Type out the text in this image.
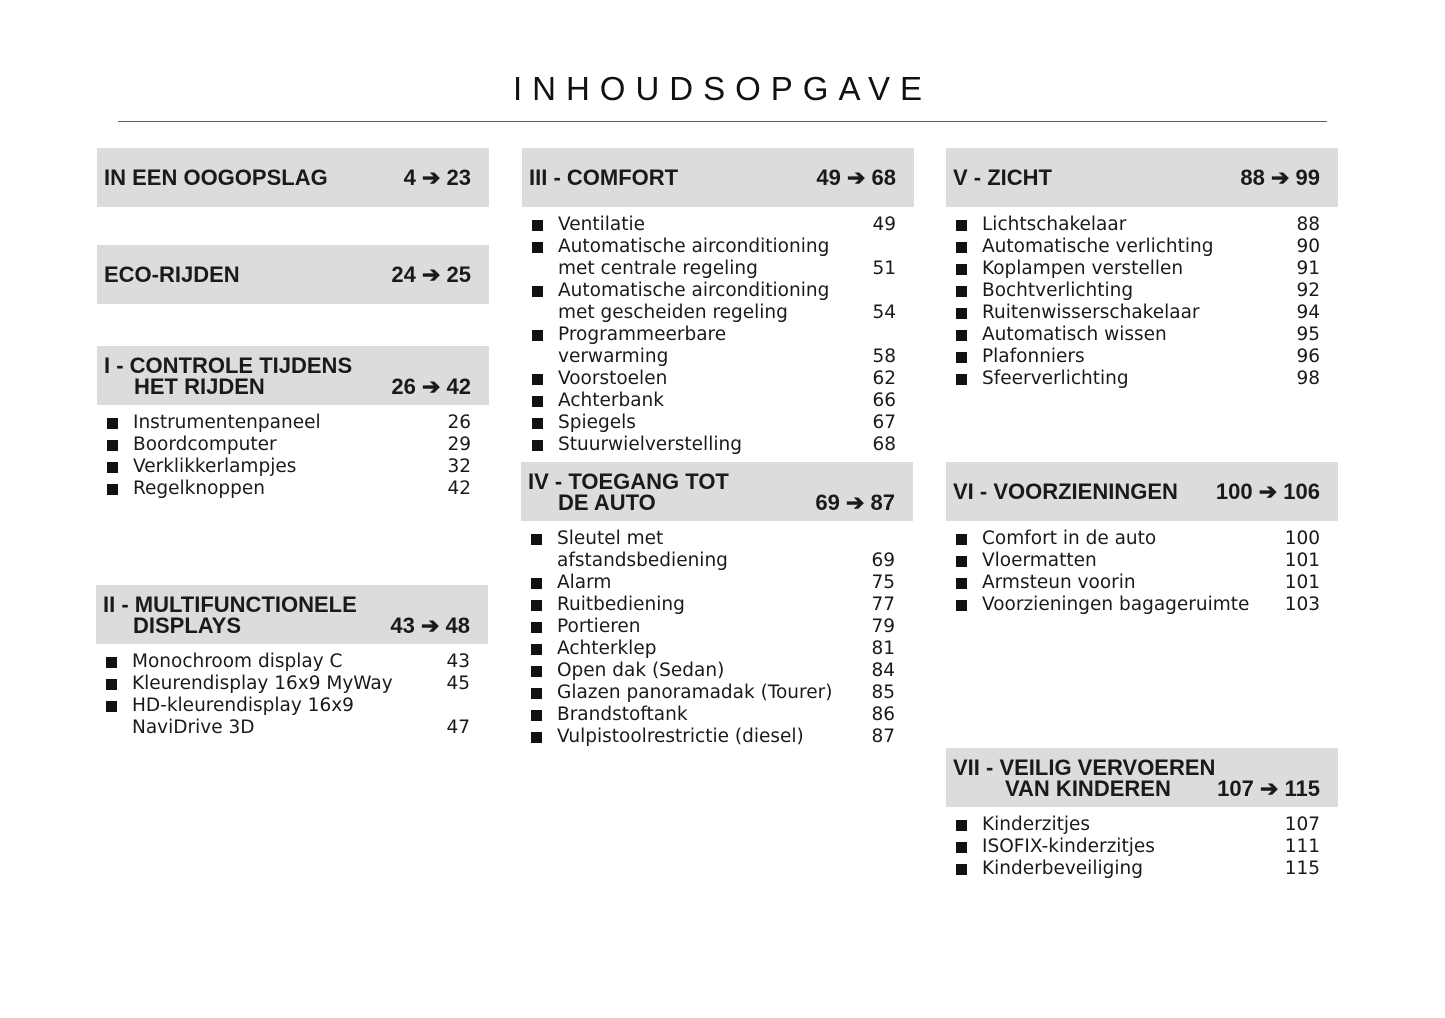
INHOUDSOPGAVE
IN EEN OOGOPSLAG	4 ➔ 23
ECO-RIJDEN	24 ➔ 25
I - CONTROLE TIJDENS
HET RIJDEN	26 ➔ 42
Instrumentenpaneel	26
Boordcomputer	29
Verklikkerlampjes	32
Regelknoppen	42
II - MULTIFUNCTIONELE
DISPLAYS	43 ➔ 48
Monochroom display C	43
Kleurendisplay 16x9 MyWay	45
HD-kleurendisplay 16x9
NaviDrive 3D	47
III - COMFORT	49 ➔ 68
Ventilatie	49
Automatische airconditioning
met centrale regeling	51
Automatische airconditioning
met gescheiden regeling	54
Programmeerbare
verwarming	58
Voorstoelen	62
Achterbank	66
Spiegels	67
Stuurwielverstelling	68
IV - TOEGANG TOT
DE AUTO	69 ➔ 87
Sleutel met
afstandsbediening	69
Alarm	75
Ruitbediening	77
Portieren	79
Achterklep	81
Open dak (Sedan)	84
Glazen panoramadak (Tourer)	85
Brandstoftank	86
Vulpistoolrestrictie (diesel)	87
V - ZICHT	88 ➔ 99
Lichtschakelaar	88
Automatische verlichting	90
Koplampen verstellen	91
Bochtverlichting	92
Ruitenwisserschakelaar	94
Automatisch wissen	95
Plafonniers	96
Sfeerverlichting	98
VI - VOORZIENINGEN 100 ➔ 106
Comfort in de auto	100
Vloermatten	101
Armsteun voorin	101
Voorzieningen bagageruimte 103
VII - VEILIG VERVOEREN
VAN KINDEREN 107 ➔ 115
Kinderzitjes	107
ISOFIX-kinderzitjes	111
Kinderbeveiliging	115
